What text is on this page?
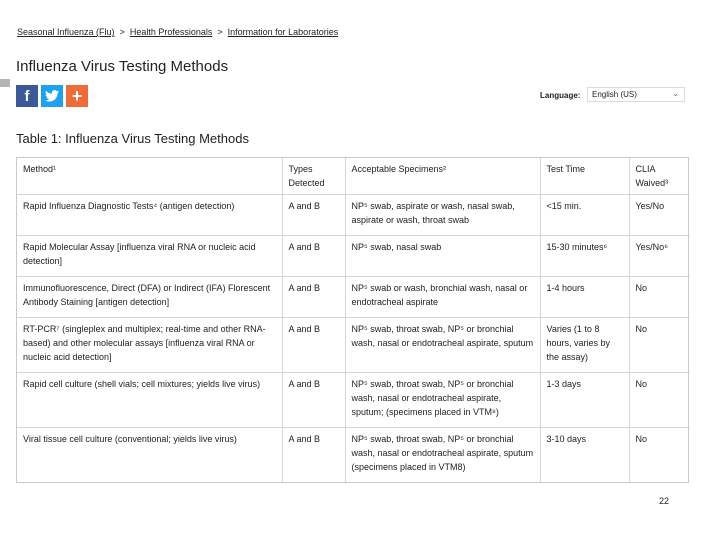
Seasonal Influenza (Flu) > Health Professionals > Information for Laboratories
Influenza Virus Testing Methods
f +	Language:	English (US)	⌄
Table 1: Influenza Virus Testing Methods
Method¹	Types Detected	Acceptable Specimens²	Test Time	CLIA Waived³
Rapid Influenza Diagnostic Tests⁴ (antigen detection)	A and B	NP⁵ swab, aspirate or wash, nasal swab, aspirate or wash, throat swab	<15 min.	Yes/No
Rapid Molecular Assay [influenza viral RNA or nucleic acid detection]	A and B	NP⁵ swab, nasal swab	15-30 minutes⁶	Yes/No⁶
Immunofluorescence, Direct (DFA) or Indirect (IFA) Florescent Antibody Staining [antigen detection]	A and B	NP⁵ swab or wash, bronchial wash, nasal or endotracheal aspirate	1-4 hours	No
RT-PCR⁷ (singleplex and multiplex; real-time and other RNA-based) and other molecular assays [influenza viral RNA or nucleic acid detection]	A and B	NP⁵ swab, throat swab, NP⁵ or bronchial wash, nasal or endotracheal aspirate, sputum	Varies (1 to 8 hours, varies by the assay)	No
Rapid cell culture (shell vials; cell mixtures; yields live virus)	A and B	NP⁵ swab, throat swab, NP⁵ or bronchial wash, nasal or endotracheal aspirate, sputum; (specimens placed in VTM⁸)	1-3 days	No
Viral tissue cell culture (conventional; yields live virus)	A and B	NP⁵ swab, throat swab, NP⁵ or bronchial wash, nasal or endotracheal aspirate, sputum (specimens placed in VTM8)	3-10 days	No
22
